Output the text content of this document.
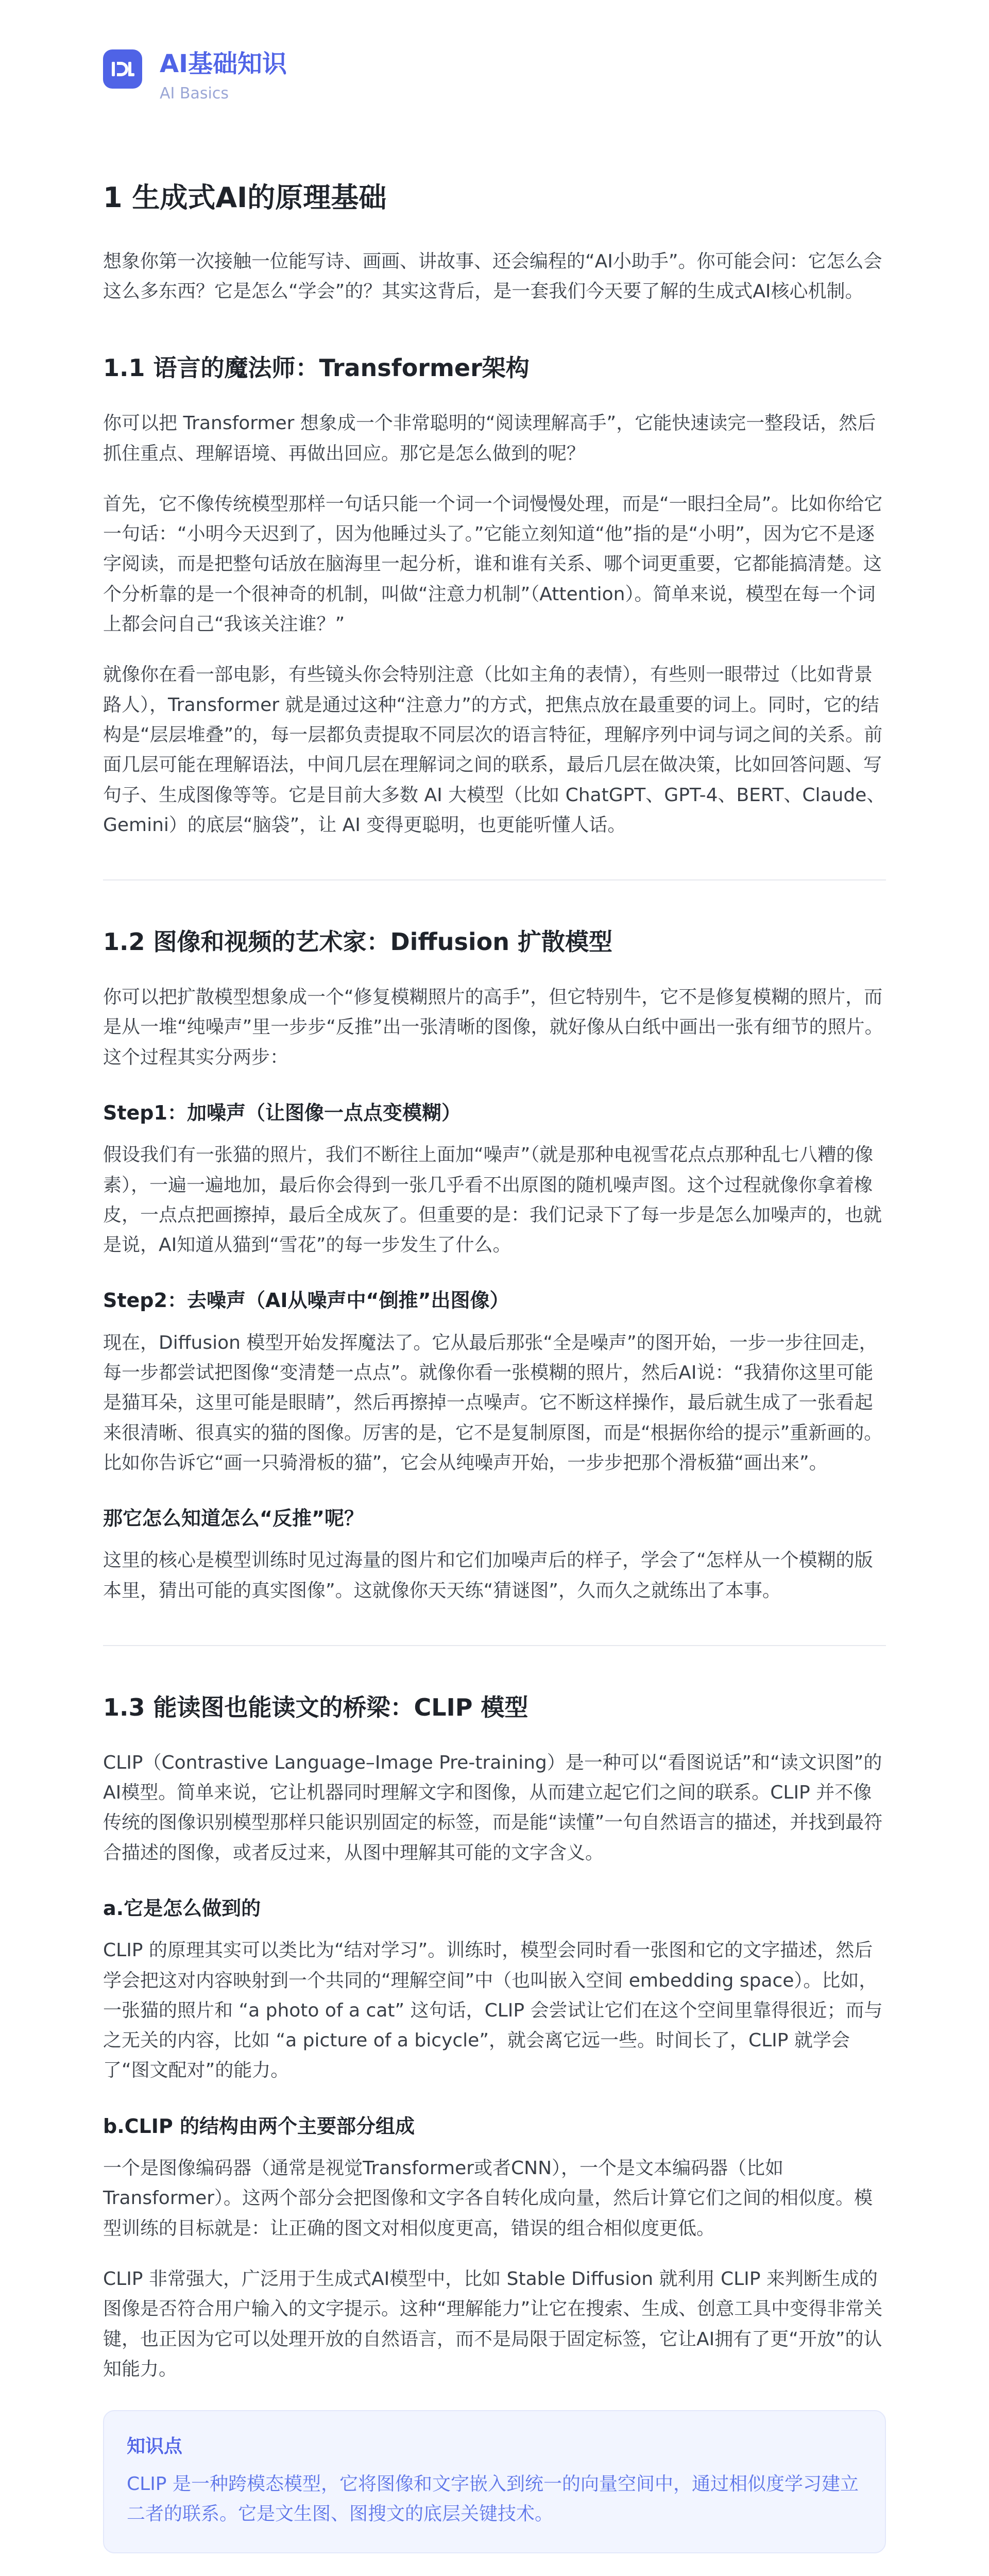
AI基础知识
AI Basics
1 生成式AI的原理基础

想象你第一次接触一位能写诗、画画、讲故事、还会编程的“AI小助手”。你可能会问：它怎么会这么多东西？它是怎么“学会”的？其实这背后，是一套我们今天要了解的生成式AI核心机制。

1.1 语言的魔法师：Transformer架构

你可以把 Transformer 想象成一个非常聪明的“阅读理解高手”，它能快速读完一整段话，然后抓住重点、理解语境、再做出回应。那它是怎么做到的呢？

首先，它不像传统模型那样一句话只能一个词一个词慢慢处理，而是“一眼扫全局”。比如你给它一句话：“小明今天迟到了，因为他睡过头了。”它能立刻知道“他”指的是“小明”，因为它不是逐字阅读，而是把整句话放在脑海里一起分析，谁和谁有关系、哪个词更重要，它都能搞清楚。这个分析靠的是一个很神奇的机制，叫做“注意力机制”（Attention）。简单来说，模型在每一个词上都会问自己“我该关注谁？”

就像你在看一部电影，有些镜头你会特别注意（比如主角的表情），有些则一眼带过（比如背景路人），Transformer 就是通过这种“注意力”的方式，把焦点放在最重要的词上。同时，它的结构是“层层堆叠”的，每一层都负责提取不同层次的语言特征，理解序列中词与词之间的关系。前面几层可能在理解语法，中间几层在理解词之间的联系，最后几层在做决策，比如回答问题、写句子、生成图像等等。它是目前大多数 AI 大模型（比如 ChatGPT、GPT-4、BERT、Claude、Gemini）的底层“脑袋”，让 AI 变得更聪明，也更能听懂人话。

1.2 图像和视频的艺术家：Diffusion 扩散模型

你可以把扩散模型想象成一个“修复模糊照片的高手”，但它特别牛，它不是修复模糊的照片，而是从一堆“纯噪声”里一步步“反推”出一张清晰的图像，就好像从白纸中画出一张有细节的照片。这个过程其实分两步：

Step1：加噪声（让图像一点点变模糊）

假设我们有一张猫的照片，我们不断往上面加“噪声”（就是那种电视雪花点点那种乱七八糟的像素），一遍一遍地加，最后你会得到一张几乎看不出原图的随机噪声图。这个过程就像你拿着橡皮，一点点把画擦掉，最后全成灰了。但重要的是：我们记录下了每一步是怎么加噪声的，也就是说，AI知道从猫到“雪花”的每一步发生了什么。

Step2：去噪声（AI从噪声中“倒推”出图像）

现在，Diffusion 模型开始发挥魔法了。它从最后那张“全是噪声”的图开始，一步一步往回走，每一步都尝试把图像“变清楚一点点”。就像你看一张模糊的照片，然后AI说：“我猜你这里可能是猫耳朵，这里可能是眼睛”，然后再擦掉一点噪声。它不断这样操作，最后就生成了一张看起来很清晰、很真实的猫的图像。厉害的是，它不是复制原图，而是“根据你给的提示”重新画的。比如你告诉它“画一只骑滑板的猫”，它会从纯噪声开始，一步步把那个滑板猫“画出来”。

那它怎么知道怎么“反推”呢？

这里的核心是模型训练时见过海量的图片和它们加噪声后的样子，学会了“怎样从一个模糊的版本里，猜出可能的真实图像”。这就像你天天练“猜谜图”，久而久之就练出了本事。

1.3 能读图也能读文的桥梁：CLIP 模型

CLIP（Contrastive Language–Image Pre-training）是一种可以“看图说话”和“读文识图”的AI模型。简单来说，它让机器同时理解文字和图像，从而建立起它们之间的联系。CLIP 并不像传统的图像识别模型那样只能识别固定的标签，而是能“读懂”一句自然语言的描述，并找到最符合描述的图像，或者反过来，从图中理解其可能的文字含义。

a.它是怎么做到的

CLIP 的原理其实可以类比为“结对学习”。训练时，模型会同时看一张图和它的文字描述，然后学会把这对内容映射到一个共同的“理解空间”中（也叫嵌入空间 embedding space）。比如，一张猫的照片和 “a photo of a cat” 这句话，CLIP 会尝试让它们在这个空间里靠得很近；而与之无关的内容，比如 “a picture of a bicycle”，就会离它远一些。时间长了，CLIP 就学会了“图文配对”的能力。

b.CLIP 的结构由两个主要部分组成

一个是图像编码器（通常是视觉Transformer或者CNN），一个是文本编码器（比如 Transformer）。这两个部分会把图像和文字各自转化成向量，然后计算它们之间的相似度。模型训练的目标就是：让正确的图文对相似度更高，错误的组合相似度更低。

CLIP 非常强大，广泛用于生成式AI模型中，比如 Stable Diffusion 就利用 CLIP 来判断生成的图像是否符合用户输入的文字提示。这种“理解能力”让它在搜索、生成、创意工具中变得非常关键，也正因为它可以处理开放的自然语言，而不是局限于固定标签，它让AI拥有了更“开放”的认知能力。

知识点

CLIP 是一种跨模态模型，它将图像和文字嵌入到统一的向量空间中，通过相似度学习建立二者的联系。它是文生图、图搜文的底层关键技术。
